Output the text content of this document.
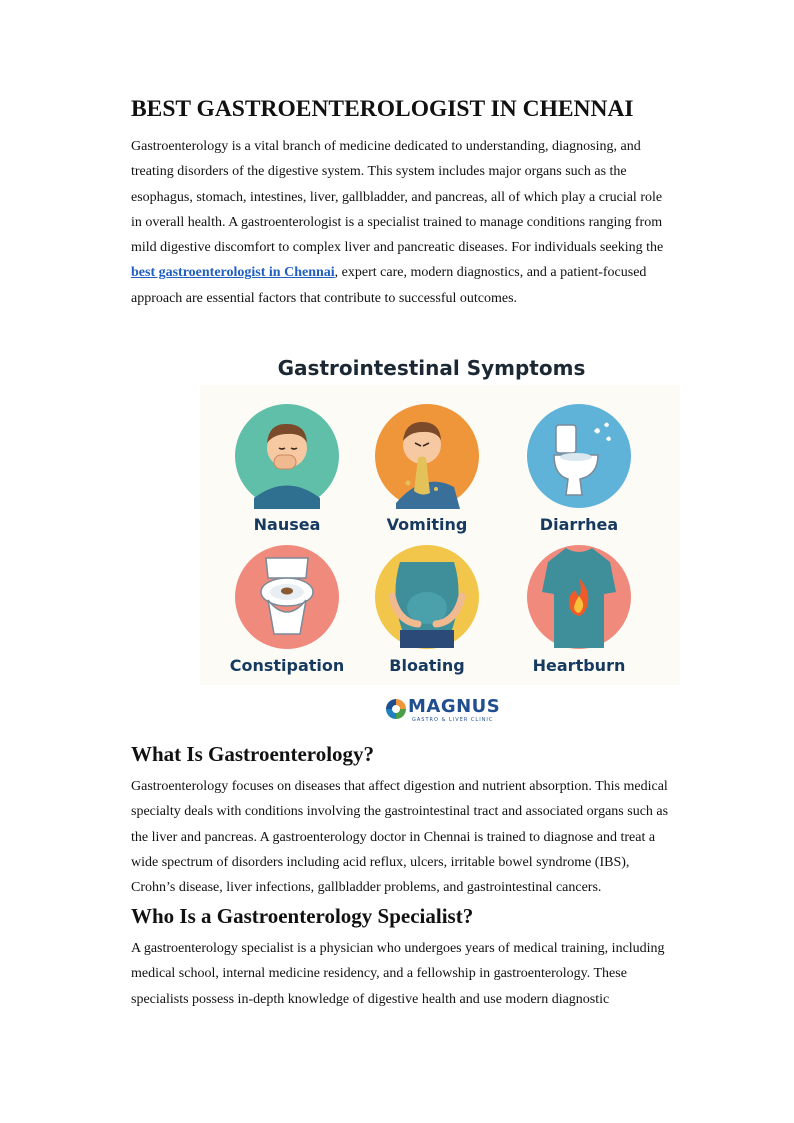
BEST GASTROENTEROLOGIST IN CHENNAI
Gastroenterology is a vital branch of medicine dedicated to understanding, diagnosing, and
treating disorders of the digestive system. This system includes major organs such as the
esophagus, stomach, intestines, liver, gallbladder, and pancreas, all of which play a crucial role
in overall health. A gastroenterologist is a specialist trained to manage conditions ranging from
mild digestive discomfort to complex liver and pancreatic diseases. For individuals seeking the
best gastroenterologist in Chennai, expert care, modern diagnostics, and a patient-focused
approach are essential factors that contribute to successful outcomes.
Gastrointestinal Symptoms
Nausea	Vomiting	Diarrhea
Constipation	Bloating	Heartburn
MAGNUS
GASTRO & LIVER CLINIC
What Is Gastroenterology?
Gastroenterology focuses on diseases that affect digestion and nutrient absorption. This medical
specialty deals with conditions involving the gastrointestinal tract and associated organs such as
the liver and pancreas. A gastroenterology doctor in Chennai is trained to diagnose and treat a
wide spectrum of disorders including acid reflux, ulcers, irritable bowel syndrome (IBS),
Crohn’s disease, liver infections, gallbladder problems, and gastrointestinal cancers.
Who Is a Gastroenterology Specialist?
A gastroenterology specialist is a physician who undergoes years of medical training, including
medical school, internal medicine residency, and a fellowship in gastroenterology. These
specialists possess in-depth knowledge of digestive health and use modern diagnostic
